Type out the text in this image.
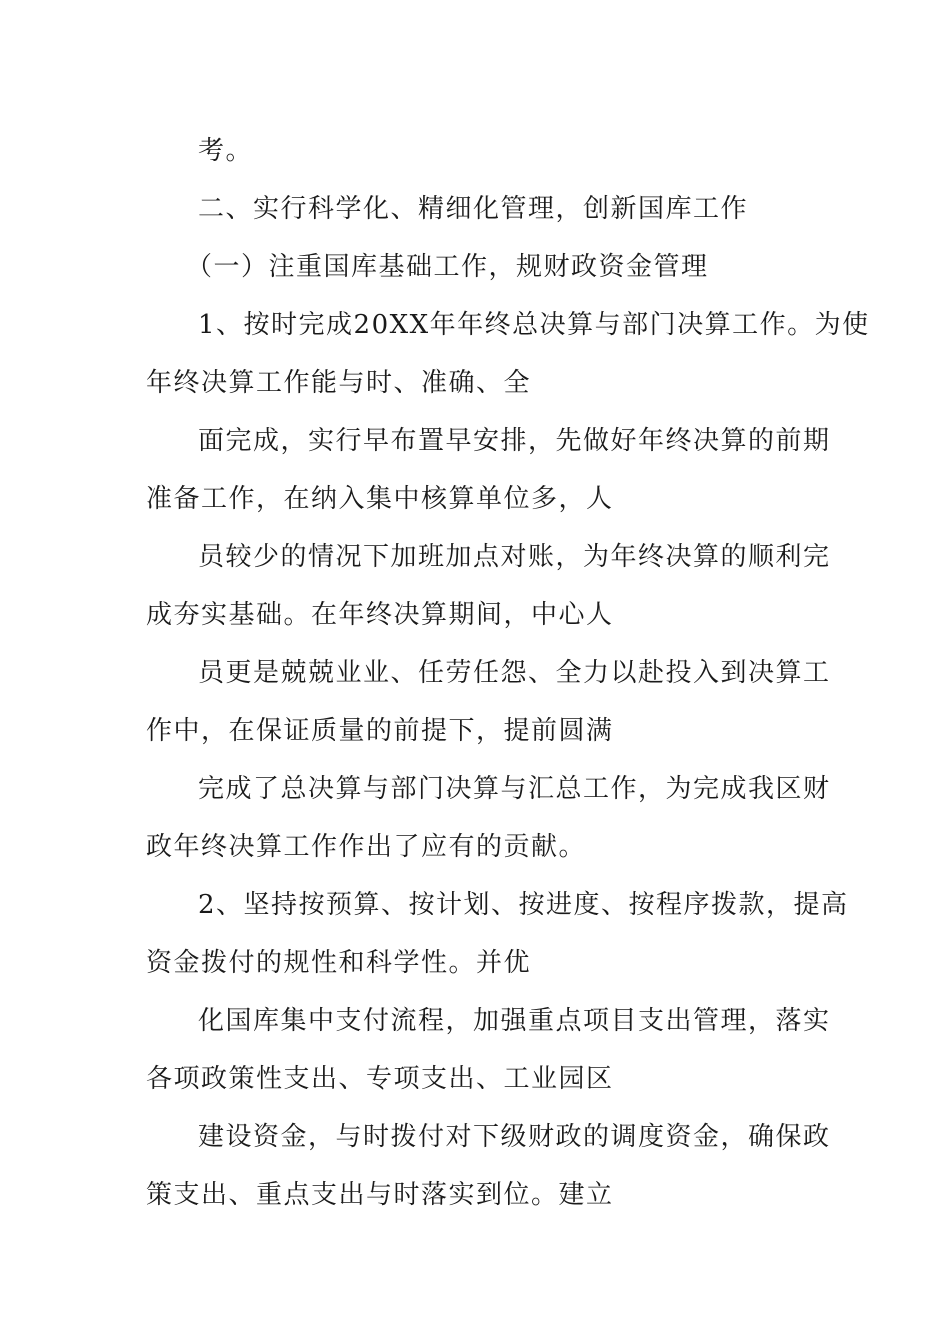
考。
二、实行科学化、精细化管理，创新国库工作
（一）注重国库基础工作，规财政资金管理
1、按时完成20XX年年终总决算与部门决算工作。为使
年终决算工作能与时、准确、全
面完成，实行早布置早安排，先做好年终决算的前期
准备工作，在纳入集中核算单位多，人
员较少的情况下加班加点对账，为年终决算的顺利完
成夯实基础。在年终决算期间，中心人
员更是兢兢业业、任劳任怨、全力以赴投入到决算工
作中，在保证质量的前提下，提前圆满
完成了总决算与部门决算与汇总工作，为完成我区财
政年终决算工作作出了应有的贡献。
2、坚持按预算、按计划、按进度、按程序拨款，提高
资金拨付的规性和科学性。并优
化国库集中支付流程，加强重点项目支出管理，落实
各项政策性支出、专项支出、工业园区
建设资金，与时拨付对下级财政的调度资金，确保政
策支出、重点支出与时落实到位。建立
